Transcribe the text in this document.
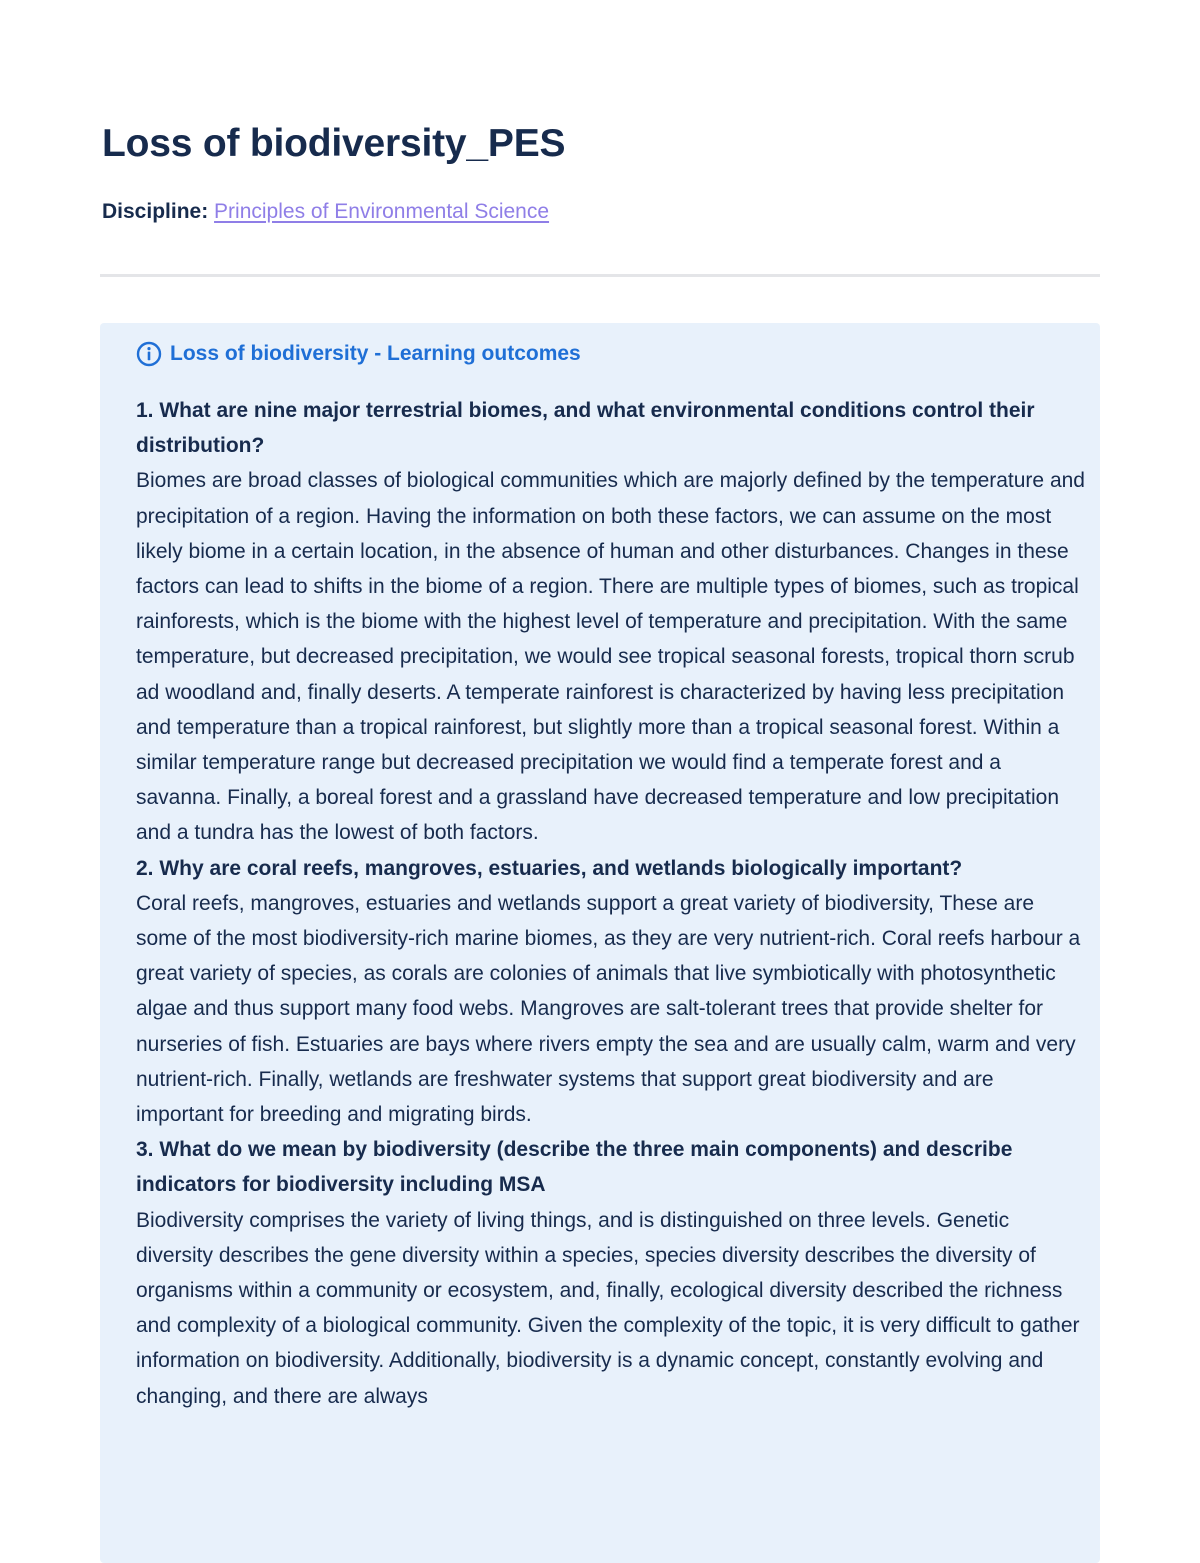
Loss of biodiversity_PES
Discipline: Principles of Environmental Science
Loss of biodiversity - Learning outcomes

1. What are nine major terrestrial biomes, and what environmental conditions control their distribution?

Biomes are broad classes of biological communities which are majorly defined by the temperature and precipitation of a region. Having the information on both these factors, we can assume on the most likely biome in a certain location, in the absence of human and other disturbances. Changes in these factors can lead to shifts in the biome of a region. There are multiple types of biomes, such as tropical rainforests, which is the biome with the highest level of temperature and precipitation. With the same temperature, but decreased precipitation, we would see tropical seasonal forests, tropical thorn scrub ad woodland and, finally deserts. A temperate rainforest is characterized by having less precipitation and temperature than a tropical rainforest, but slightly more than a tropical seasonal forest. Within a similar temperature range but decreased precipitation we would find a temperate forest and a savanna. Finally, a boreal forest and a grassland have decreased temperature and low precipitation and a tundra has the lowest of both factors.

2. Why are coral reefs, mangroves, estuaries, and wetlands biologically important?

Coral reefs, mangroves, estuaries and wetlands support a great variety of biodiversity, These are some of the most biodiversity-rich marine biomes, as they are very nutrient-rich. Coral reefs harbour a great variety of species, as corals are colonies of animals that live symbiotically with photosynthetic algae and thus support many food webs. Mangroves are salt-tolerant trees that provide shelter for nurseries of fish. Estuaries are bays where rivers empty the sea and are usually calm, warm and very nutrient-rich. Finally, wetlands are freshwater systems that support great biodiversity and are important for breeding and migrating birds.

3. What do we mean by biodiversity (describe the three main components) and describe indicators for biodiversity including MSA

Biodiversity comprises the variety of living things, and is distinguished on three levels. Genetic diversity describes the gene diversity within a species, species diversity describes the diversity of organisms within a community or ecosystem, and, finally, ecological diversity described the richness and complexity of a biological community. Given the complexity of the topic, it is very difficult to gather information on biodiversity. Additionally, biodiversity is a dynamic concept, constantly evolving and changing, and there are always
